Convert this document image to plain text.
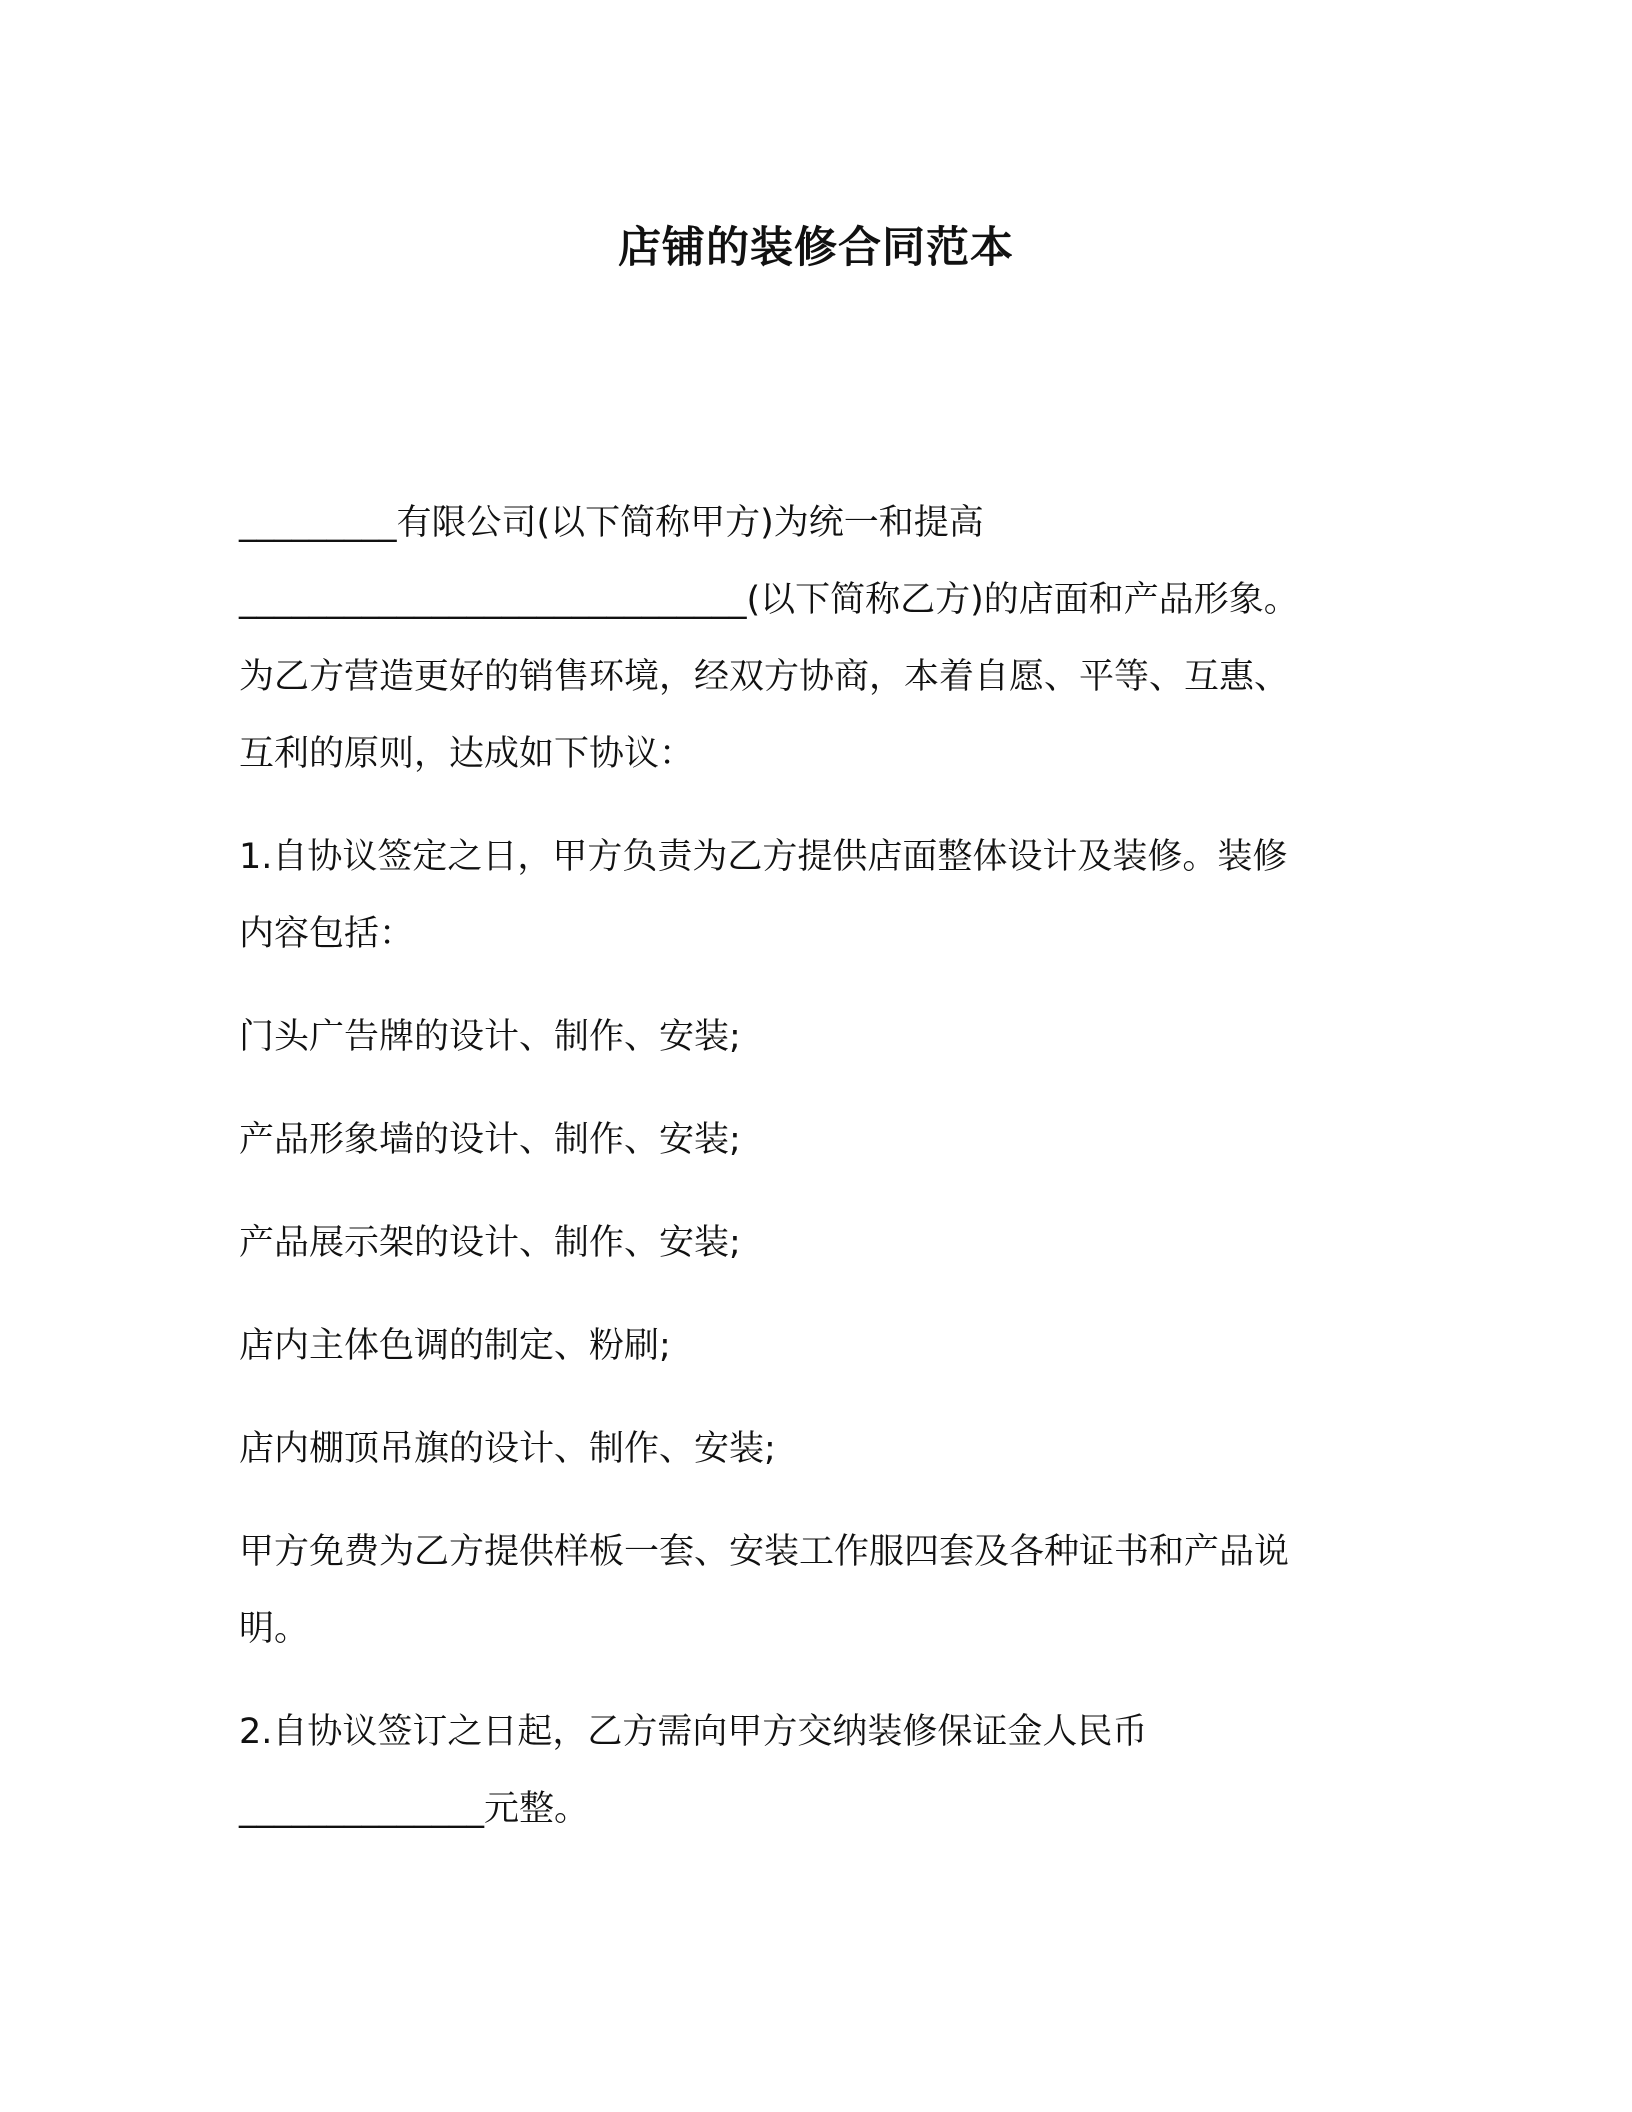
店铺的装修合同范本
_________有限公司(以下简称甲方)为统一和提高
_____________________________(以下简称乙方)的店面和产品形象。
为乙方营造更好的销售环境，经双方协商，本着自愿、平等、互惠、
互利的原则，达成如下协议：
1.自协议签定之日，甲方负责为乙方提供店面整体设计及装修。装修
内容包括：
门头广告牌的设计、制作、安装;
产品形象墙的设计、制作、安装;
产品展示架的设计、制作、安装;
店内主体色调的制定、粉刷;
店内棚顶吊旗的设计、制作、安装;
甲方免费为乙方提供样板一套、安装工作服四套及各种证书和产品说
明。
2.自协议签订之日起，乙方需向甲方交纳装修保证金人民币
______________元整。
